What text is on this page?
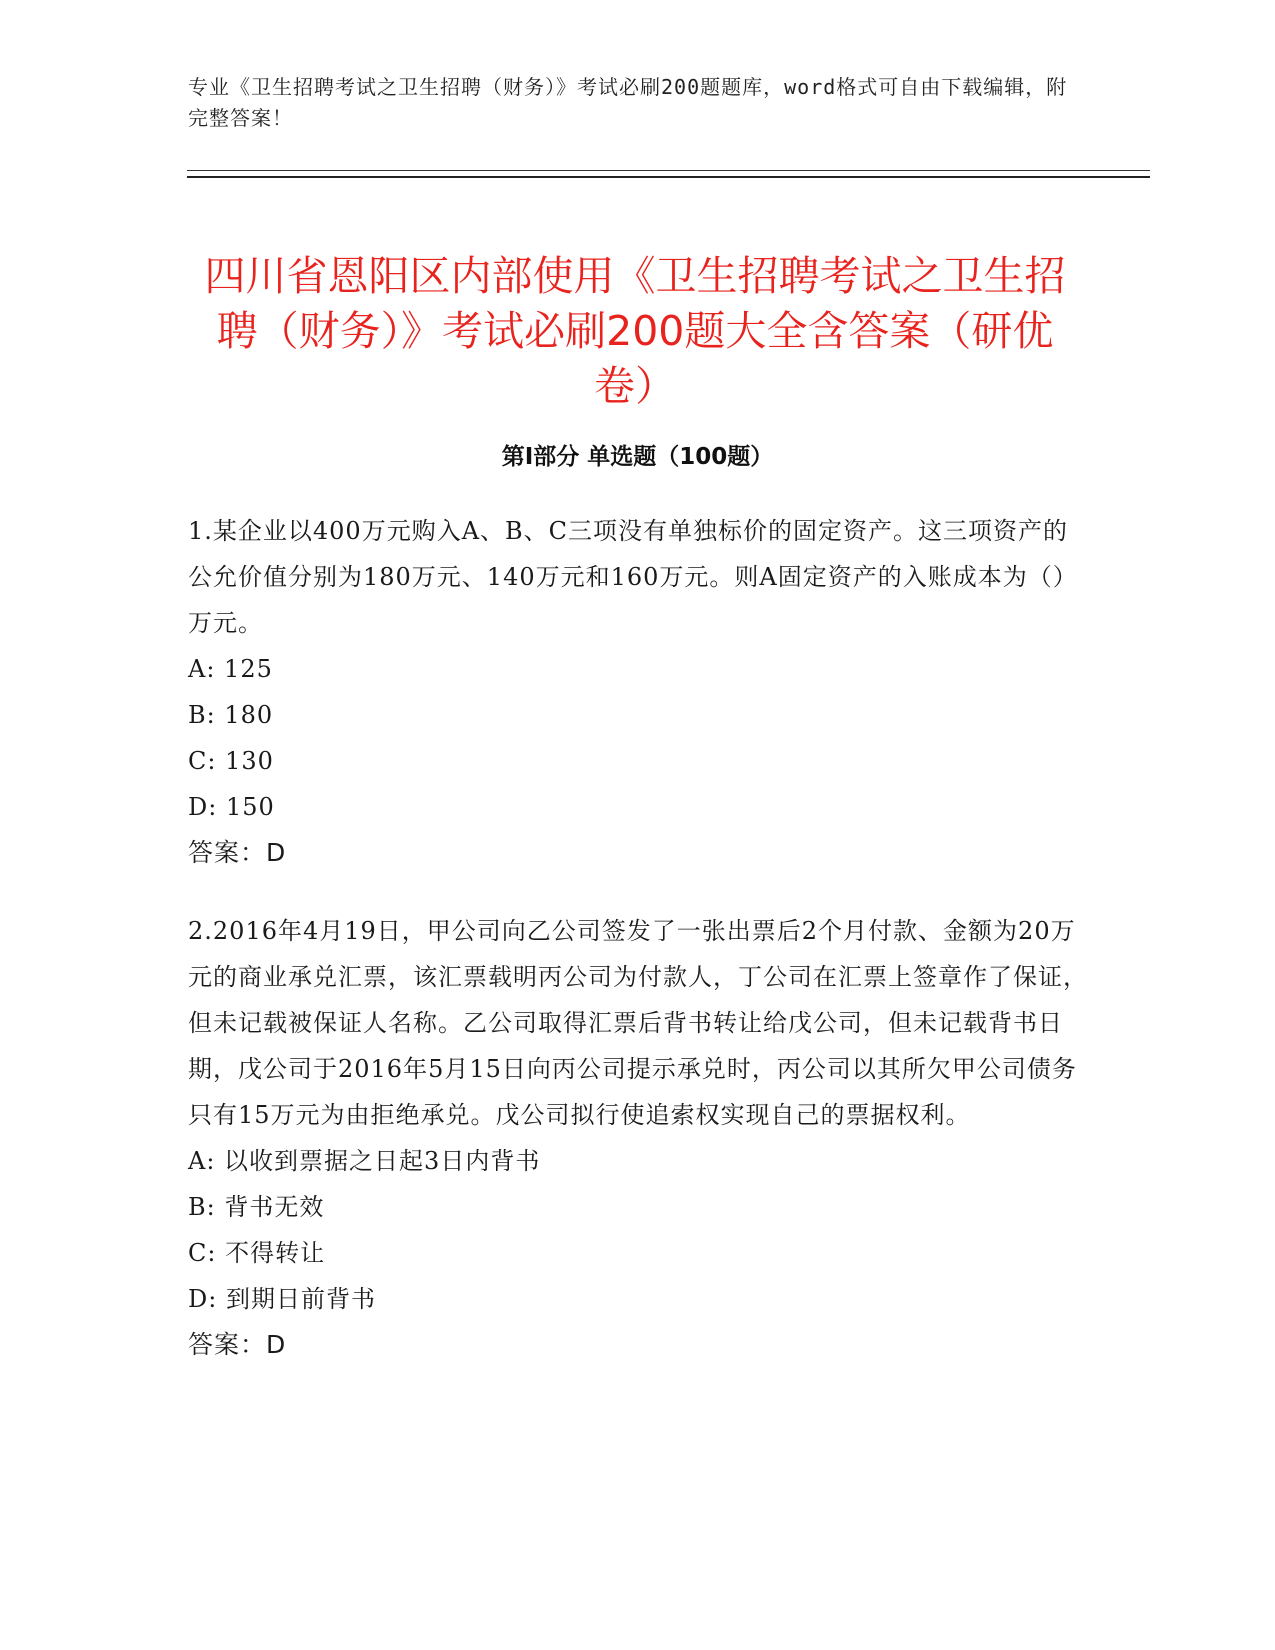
专业《卫生招聘考试之卫生招聘（财务）》考试必刷200题题库，word格式可自由下载编辑，附完整答案！
四川省恩阳区内部使用《卫生招聘考试之卫生招聘（财务）》考试必刷200题大全含答案（研优卷）
第I部分 单选题（100题）

1.某企业以400万元购入A、B、C三项没有单独标价的固定资产。这三项资产的公允价值分别为180万元、140万元和160万元。则A固定资产的入账成本为（）万元。

A: 125

B: 180

C: 130

D: 150

答案：D

2.2016年4月19日，甲公司向乙公司签发了一张出票后2个月付款、金额为20万元的商业承兑汇票，该汇票载明丙公司为付款人，丁公司在汇票上签章作了保证，但未记载被保证人名称。乙公司取得汇票后背书转让给戊公司，但未记载背书日期，戊公司于2016年5月15日向丙公司提示承兑时，丙公司以其所欠甲公司债务只有15万元为由拒绝承兑。戊公司拟行使追索权实现自己的票据权利。

A: 以收到票据之日起3日内背书

B: 背书无效

C: 不得转让

D: 到期日前背书

答案：D
